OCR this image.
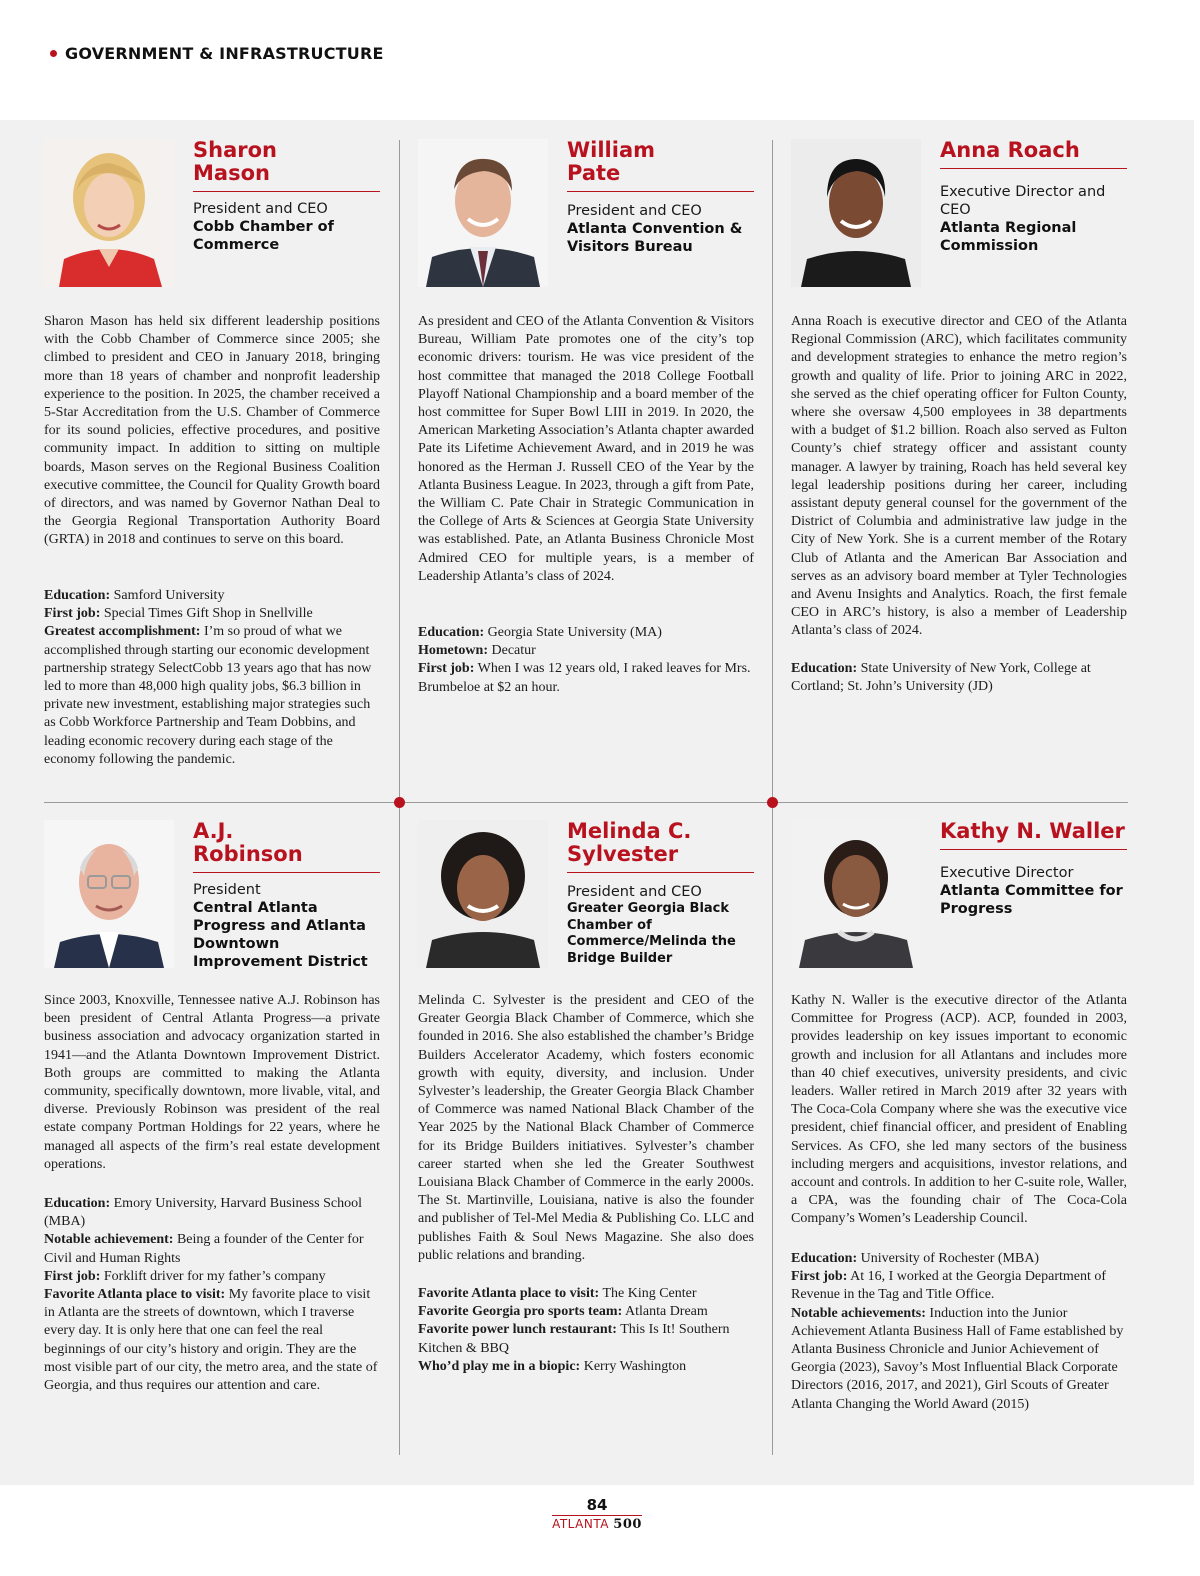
GOVERNMENT & INFRASTRUCTURE
Sharon
Mason
President and CEO
Cobb Chamber of Commerce

Sharon Mason has held six different leadership positions with the Cobb Chamber of Commerce since 2005; she climbed to president and CEO in January 2018, bringing more than 18 years of chamber and nonprofit leadership experience to the position. In 2025, the chamber received a 5-Star Accreditation from the U.S. Chamber of Commerce for its sound policies, effective procedures, and positive community impact. In addition to sitting on multiple boards, Mason serves on the Regional Business Coalition executive committee, the Council for Quality Growth board of directors, and was named by Governor Nathan Deal to the Georgia Regional Transportation Authority Board (GRTA) in 2018 and continues to serve on this board.

Education: Samford University

First job: Special Times Gift Shop in Snellville

Greatest accomplishment: I’m so proud of what we accomplished through starting our economic development partnership strategy SelectCobb 13 years ago that has now led to more than 48,000 high quality jobs, $6.3 billion in private new investment, establishing major strategies such as Cobb Workforce Partnership and Team Dobbins, and leading economic recovery during each stage of the economy following the pandemic.

William
Pate
President and CEO
Atlanta Convention & Visitors Bureau

As president and CEO of the Atlanta Convention & Visitors Bureau, William Pate promotes one of the city’s top economic drivers: tourism. He was vice president of the host committee that managed the 2018 College Football Playoff National Championship and a board member of the host committee for Super Bowl LIII in 2019. In 2020, the American Marketing Association’s Atlanta chapter awarded Pate its Lifetime Achievement Award, and in 2019 he was honored as the Herman J. Russell CEO of the Year by the Atlanta Business League. In 2023, through a gift from Pate, the William C. Pate Chair in Strategic Communication in the College of Arts & Sciences at Georgia State University was established. Pate, an Atlanta Business Chronicle Most Admired CEO for multiple years, is a member of Leadership Atlanta’s class of 2024.

Education: Georgia State University (MA)

Hometown: Decatur

First job: When I was 12 years old, I raked leaves for Mrs. Brumbeloe at $2 an hour.

Anna Roach
Executive Director and CEO
Atlanta Regional Commission

Anna Roach is executive director and CEO of the Atlanta Regional Commission (ARC), which facilitates community and development strategies to enhance the metro region’s growth and quality of life. Prior to joining ARC in 2022, she served as the chief operating officer for Fulton County, where she oversaw 4,500 employees in 38 departments with a budget of $1.2 billion. Roach also served as Fulton County’s chief strategy officer and assistant county manager. A lawyer by training, Roach has held several key legal leadership positions during her career, including assistant deputy general counsel for the government of the District of Columbia and administrative law judge in the City of New York. She is a current member of the Rotary Club of Atlanta and the American Bar Association and serves as an advisory board member at Tyler Technologies and Avenu Insights and Analytics. Roach, the first female CEO in ARC’s history, is also a member of Leadership Atlanta’s class of 2024.

Education: State University of New York, College at Cortland; St. John’s University (JD)

A.J.
Robinson
President
Central Atlanta Progress and Atlanta Downtown Improvement District

Since 2003, Knoxville, Tennessee native A.J. Robinson has been president of Central Atlanta Progress—a private business association and advocacy organization started in 1941—and the Atlanta Downtown Improvement District. Both groups are committed to making the Atlanta community, specifically downtown, more livable, vital, and diverse. Previously Robinson was president of the real estate company Portman Holdings for 22 years, where he managed all aspects of the firm’s real estate development operations.

Education: Emory University, Harvard Business School (MBA)

Notable achievement: Being a founder of the Center for Civil and Human Rights

First job: Forklift driver for my father’s company

Favorite Atlanta place to visit: My favorite place to visit in Atlanta are the streets of downtown, which I traverse every day. It is only here that one can feel the real beginnings of our city’s history and origin. They are the most visible part of our city, the metro area, and the state of Georgia, and thus requires our attention and care.

Melinda C.
Sylvester
President and CEO
Greater Georgia Black Chamber of Commerce/Melinda the Bridge Builder

Melinda C. Sylvester is the president and CEO of the Greater Georgia Black Chamber of Commerce, which she founded in 2016. She also established the chamber’s Bridge Builders Accelerator Academy, which fosters economic growth with equity, diversity, and inclusion. Under Sylvester’s leadership, the Greater Georgia Black Chamber of Commerce was named National Black Chamber of the Year 2025 by the National Black Chamber of Commerce for its Bridge Builders initiatives. Sylvester’s chamber career started when she led the Greater Southwest Louisiana Black Chamber of Commerce in the early 2000s. The St. Martinville, Louisiana, native is also the founder and publisher of Tel-Mel Media & Publishing Co. LLC and publishes Faith & Soul News Magazine. She also does public relations and branding.

Favorite Atlanta place to visit: The King Center

Favorite Georgia pro sports team: Atlanta Dream

Favorite power lunch restaurant: This Is It! Southern Kitchen & BBQ

Who’d play me in a biopic: Kerry Washington

Kathy N. Waller
Executive Director
Atlanta Committee for Progress

Kathy N. Waller is the executive director of the Atlanta Committee for Progress (ACP). ACP, founded in 2003, provides leadership on key issues important to economic growth and inclusion for all Atlantans and includes more than 40 chief executives, university presidents, and civic leaders. Waller retired in March 2019 after 32 years with The Coca-Cola Company where she was the executive vice president, chief financial officer, and president of Enabling Services. As CFO, she led many sectors of the business including mergers and acquisitions, investor relations, and account and controls. In addition to her C-suite role, Waller, a CPA, was the founding chair of The Coca-Cola Company’s Women’s Leadership Council.

Education: University of Rochester (MBA)

First job: At 16, I worked at the Georgia Department of Revenue in the Tag and Title Office.

Notable achievements: Induction into the Junior Achievement Atlanta Business Hall of Fame established by Atlanta Business Chronicle and Junior Achievement of Georgia (2023), Savoy’s Most Influential Black Corporate Directors (2016, 2017, and 2021), Girl Scouts of Greater Atlanta Changing the World Award (2015)

84
ATLANTA 500
